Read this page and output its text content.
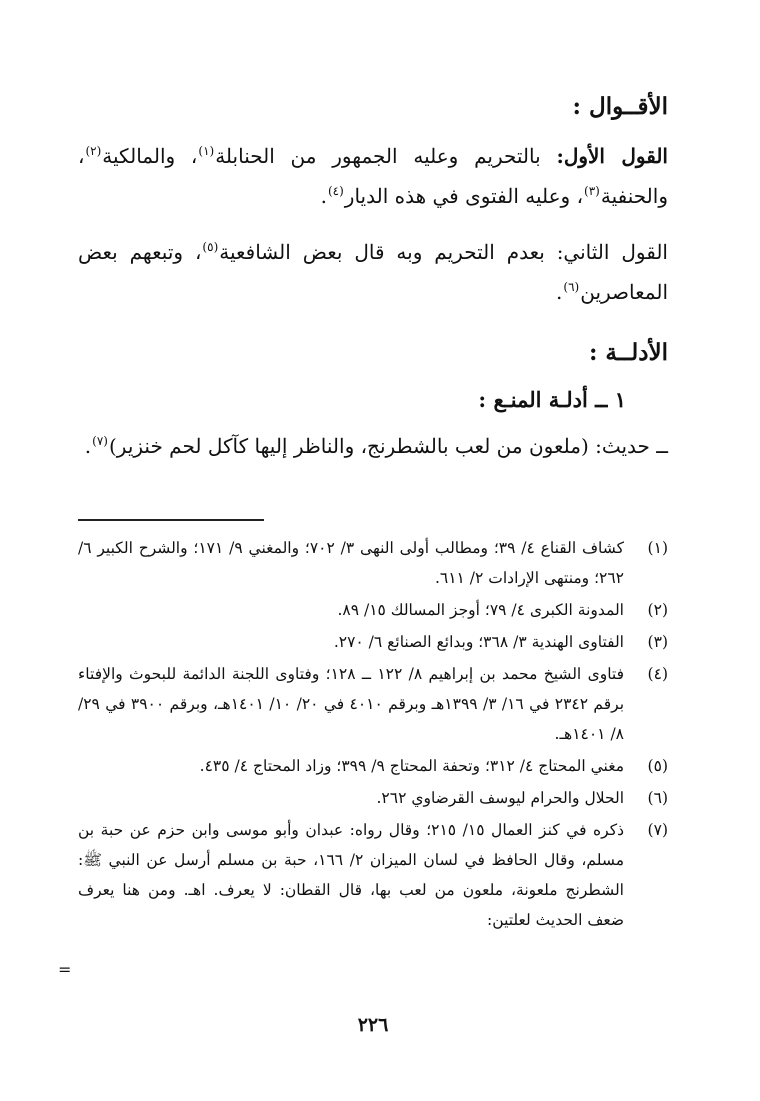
الأقــوال :
القول الأول: بالتحريم وعليه الجمهور من الحنابلة$^{(١)}$، والمالكية$^{(٢)}$، والحنفية$^{(٣)}$، وعليه الفتوى في هذه الديار$^{(٤)}$.
القول الثاني: بعدم التحريم وبه قال بعض الشافعية$^{(٥)}$، وتبعهم بعض المعاصرين$^{(٦)}$.
الأدلــة :
١ ــ أدلـة المنـع :
ــ حديث: (ملعون من لعب بالشطرنج، والناظر إليها كآكل لحم خنزير)$^{(٧)}$.
(١)
كشاف القناع ٤/ ٣٩؛ ومطالب أولى النهى ٣/ ٧٠٢؛ والمغني ٩/ ١٧١؛ والشرح الكبير ٦/ ٢٦٢؛ ومنتهى الإرادات ٢/ ٦١١.
(٢)
المدونة الكبرى ٤/ ٧٩؛ أوجز المسالك ١٥/ ٨٩.
(٣)
الفتاوى الهندية ٣/ ٣٦٨؛ وبدائع الصنائع ٦/ ٢٧٠.
(٤)
فتاوى الشيخ محمد بن إبراهيم ٨/ ١٢٢ ــ ١٢٨؛ وفتاوى اللجنة الدائمة للبحوث والإفتاء برقم ٢٣٤٢ في ١٦/ ٣/ ١٣٩٩هـ وبرقم ٤٠١٠ في ٢٠/ ١٠/ ١٤٠١هـ، وبرقم ٣٩٠٠ في ٢٩/ ٨/ ١٤٠١هـ.
(٥)
مغني المحتاج ٤/ ٣١٢؛ وتحفة المحتاج ٩/ ٣٩٩؛ وزاد المحتاج ٤/ ٤٣٥.
(٦)
الحلال والحرام ليوسف القرضاوي ٢٦٢.
(٧)
ذكره في كنز العمال ١٥/ ٢١٥؛ وقال رواه: عبدان وأبو موسى وابن حزم عن حبة بن مسلم، وقال الحافظ في لسان الميزان ٢/ ١٦٦، حبة بن مسلم أرسل عن النبي ﷺ: الشطرنج ملعونة، ملعون من لعب بها، قال القطان: لا يعرف. اهـ. ومن هنا يعرف ضعف الحديث لعلتين:
=
٢٢٦
